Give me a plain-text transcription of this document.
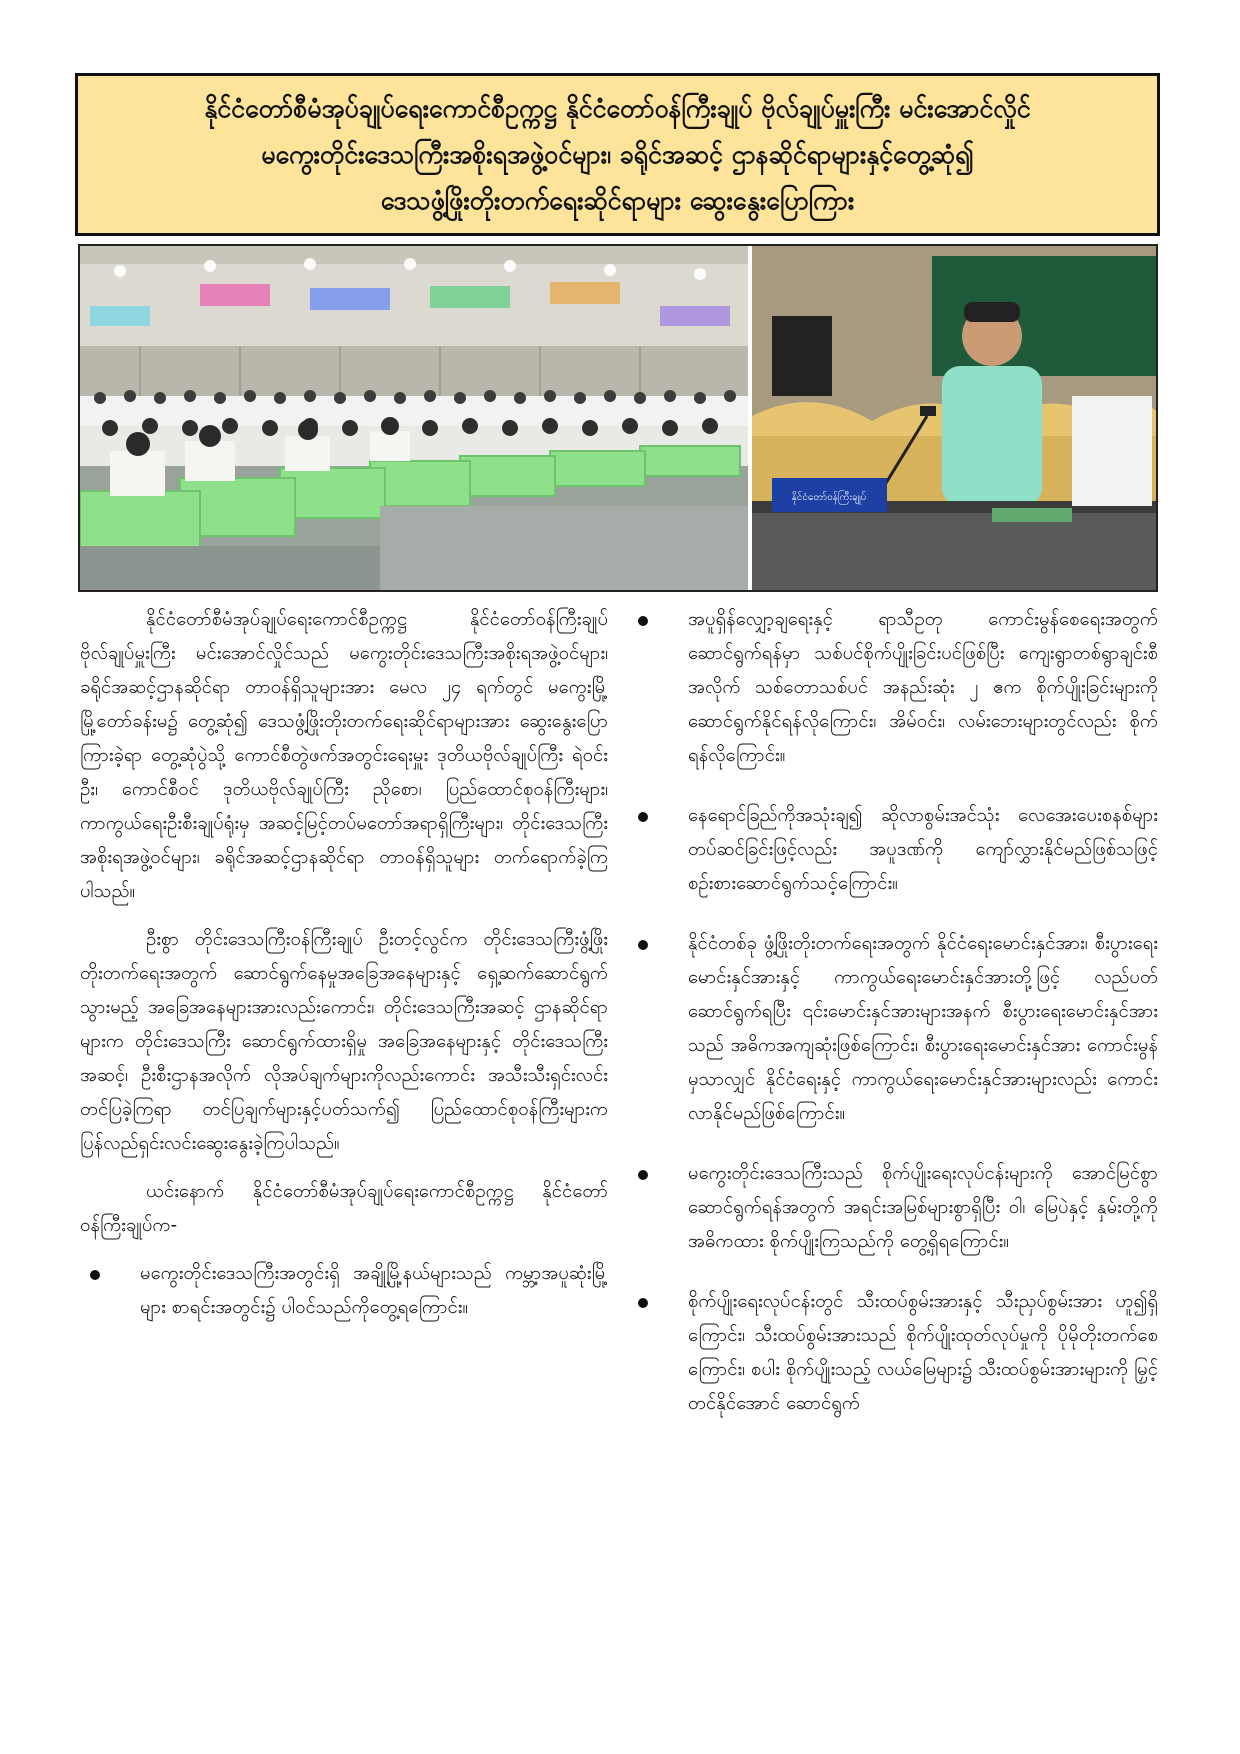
နိုင်ငံတော်စီမံအုပ်ချုပ်ရေးကောင်စီဥက္ကဋ္ဌ နိုင်ငံတော်ဝန်ကြီးချုပ် ဗိုလ်ချုပ်မှူးကြီး မင်းအောင်လှိုင်
မကွေးတိုင်းဒေသကြီးအစိုးရအဖွဲ့ဝင်များ၊ ခရိုင်အဆင့် ဌာနဆိုင်ရာများနှင့်တွေ့ဆုံ၍
ဒေသဖွံ့ဖြိုးတိုးတက်ရေးဆိုင်ရာများ ဆွေးနွေးပြောကြား
နိုင်ငံတော်ဝန်ကြီးချုပ်

နိုင်ငံတော်စီမံအုပ်ချုပ်ရေးကောင်စီဥက္ကဋ္ဌ နိုင်ငံတော်ဝန်ကြီးချုပ် ဗိုလ်ချုပ်မှူးကြီး မင်းအောင်လှိုင်သည် မကွေးတိုင်းဒေသကြီးအစိုးရအဖွဲ့ဝင်များ၊ ခရိုင်အဆင့်ဌာနဆိုင်ရာ တာဝန်ရှိသူများအား မေလ ၂၄ ရက်တွင် မကွေးမြို့ မြို့တော်ခန်းမ၌ တွေ့ဆုံ၍ ဒေသဖွံ့ဖြိုးတိုးတက်ရေးဆိုင်ရာများအား ဆွေးနွေးပြောကြားခဲ့ရာ တွေ့ဆုံပွဲသို့ ကောင်စီတွဲဖက်အတွင်းရေးမှူး ဒုတိယဗိုလ်ချုပ်ကြီး ရဲဝင်းဦး၊ ကောင်စီဝင် ဒုတိယဗိုလ်ချုပ်ကြီး ညိုစော၊ ပြည်ထောင်စုဝန်ကြီးများ၊ ကာကွယ်ရေးဦးစီးချုပ်ရုံးမှ အဆင့်မြင့်တပ်မတော်အရာရှိကြီးများ၊ တိုင်းဒေသကြီးအစိုးရအဖွဲ့ဝင်များ၊ ခရိုင်အဆင့်ဌာနဆိုင်ရာ တာဝန်ရှိသူများ တက်ရောက်ခဲ့ကြပါသည်။

ဦးစွာ တိုင်းဒေသကြီးဝန်ကြီးချုပ် ဦးတင့်လွင်က တိုင်းဒေသကြီးဖွံ့ဖြိုးတိုးတက်ရေးအတွက် ဆောင်ရွက်နေမှုအခြေအနေများနှင့် ရှေ့ဆက်ဆောင်ရွက်သွားမည့် အခြေအနေများအားလည်းကောင်း၊ တိုင်းဒေသကြီးအဆင့် ဌာနဆိုင်ရာများက တိုင်းဒေသကြီး ဆောင်ရွက်ထားရှိမှု အခြေအနေများနှင့် တိုင်းဒေသကြီးအဆင့်၊ ဦးစီးဌာနအလိုက် လိုအပ်ချက်များကိုလည်းကောင်း အသီးသီးရှင်းလင်းတင်ပြခဲ့ကြရာ တင်ပြချက်များနှင့်ပတ်သက်၍ ပြည်ထောင်စုဝန်ကြီးများက ပြန်လည်ရှင်းလင်းဆွေးနွေးခဲ့ကြပါသည်။

ယင်းနောက် နိုင်ငံတော်စီမံအုပ်ချုပ်ရေးကောင်စီဥက္ကဋ္ဌ နိုင်ငံတော်ဝန်ကြီးချုပ်က-

မကွေးတိုင်းဒေသကြီးအတွင်းရှိ အချို့မြို့နယ်များသည် ကမ္ဘာ့အပူဆုံးမြို့များ စာရင်းအတွင်း၌ ပါဝင်သည်ကိုတွေ့ရကြောင်း။
အပူရှိန်လျှော့ချရေးနှင့် ရာသီဥတု ကောင်းမွန်စေရေးအတွက် ဆောင်ရွက်ရန်မှာ သစ်ပင်စိုက်ပျိုးခြင်းပင်ဖြစ်ပြီး ကျေးရွာတစ်ရွာချင်းစီအလိုက် သစ်တောသစ်ပင် အနည်းဆုံး ၂ ဧက စိုက်ပျိုးခြင်းများကို ဆောင်ရွက်နိုင်ရန်လိုကြောင်း၊ အိမ်ဝင်း၊ လမ်းဘေးများတွင်လည်း စိုက်ရန်လိုကြောင်း။
နေရောင်ခြည်ကိုအသုံးချ၍ ဆိုလာစွမ်းအင်သုံး လေအေးပေးစနစ်များ တပ်ဆင်ခြင်းဖြင့်လည်း အပူဒဏ်ကို ကျော်လွှားနိုင်မည်ဖြစ်သဖြင့် စဉ်းစားဆောင်ရွက်သင့်ကြောင်း။
နိုင်ငံတစ်ခု ဖွံ့ဖြိုးတိုးတက်ရေးအတွက် နိုင်ငံရေးမောင်းနှင်အား၊ စီးပွားရေးမောင်းနှင်အားနှင့် ကာကွယ်ရေးမောင်းနှင်အားတို့ဖြင့် လည်ပတ်ဆောင်ရွက်ရပြီး ၎င်းမောင်းနှင်အားများအနက် စီးပွားရေးမောင်းနှင်အားသည် အဓိကအကျဆုံးဖြစ်ကြောင်း၊ စီးပွားရေးမောင်းနှင်အား ကောင်းမွန်မှသာလျှင် နိုင်ငံရေးနှင့် ကာကွယ်ရေးမောင်းနှင်အားများလည်း ကောင်းလာနိုင်မည်ဖြစ်ကြောင်း။
မကွေးတိုင်းဒေသကြီးသည် စိုက်ပျိုးရေးလုပ်ငန်းများကို အောင်မြင်စွာ ဆောင်ရွက်ရန်အတွက် အရင်းအမြစ်များစွာရှိပြီး ဝါ၊ မြေပဲနှင့် နှမ်းတို့ကို အဓိကထား စိုက်ပျိုးကြသည်ကို တွေ့ရှိရကြောင်း။
စိုက်ပျိုးရေးလုပ်ငန်းတွင် သီးထပ်စွမ်းအားနှင့် သီးညှပ်စွမ်းအား ဟူ၍ရှိကြောင်း၊ သီးထပ်စွမ်းအားသည် စိုက်ပျိုးထုတ်လုပ်မှုကို ပိုမိုတိုးတက်စေကြောင်း၊ စပါး စိုက်ပျိုးသည့် လယ်မြေများ၌ သီးထပ်စွမ်းအားများကို မြှင့်တင်နိုင်အောင် ဆောင်ရွက်
